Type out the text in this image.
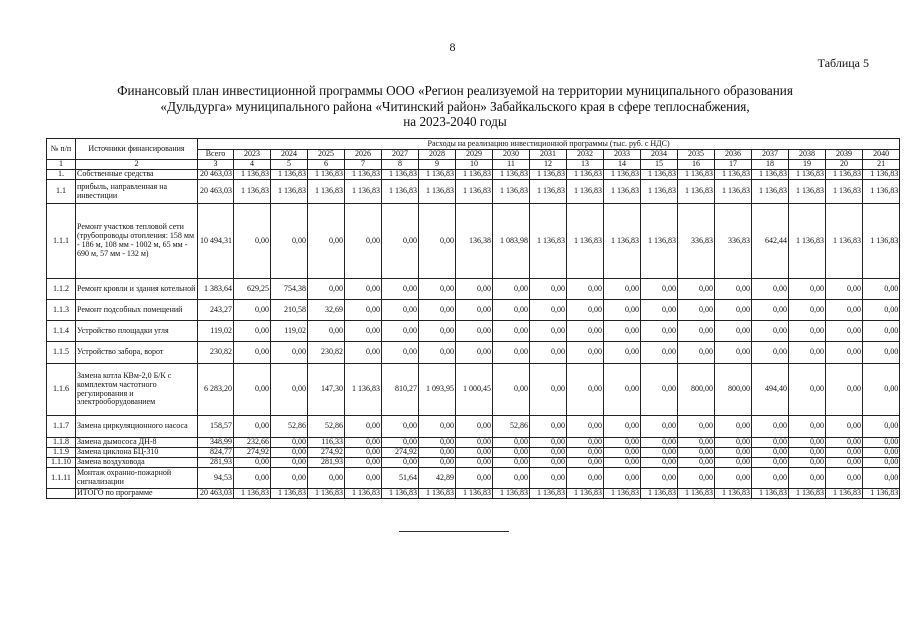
8
Таблица 5
Финансовый план инвестиционной программы ООО «Регион реализуемой на территории муниципального образования
«Дульдурга» муниципального района «Читинский район» Забайкальского края в сфере теплоснабжения,
на 2023-2040 годы
№ п/п	Источники финансирования	Расходы на реализацию инвестиционной программы (тыс. руб. с НДС)																		
		Всего	2023	2024	2025	2026	2027	2028	2029	2030	2031	2032	2033	2034	2035	2036	2037	2038	2039	2040
1	2	3	4	5	6	7	8	9	10	11	12	13	14	15	16	17	18	19	20	21
1.	Собственные средства	20 463,03	1 136,83	1 136,83	1 136,83	1 136,83	1 136,83	1 136,83	1 136,83	1 136,83	1 136,83	1 136,83	1 136,83	1 136,83	1 136,83	1 136,83	1 136,83	1 136,83	1 136,83	1 136,83
1.1	прибыль, направленная на инвестиции	20 463,03	1 136,83	1 136,83	1 136,83	1 136,83	1 136,83	1 136,83	1 136,83	1 136,83	1 136,83	1 136,83	1 136,83	1 136,83	1 136,83	1 136,83	1 136,83	1 136,83	1 136,83	1 136,83
1.1.1	Ремонт участков тепловой сети (трубопроводы отопления: 158 мм - 186 м, 108 мм - 1002 м, 65 мм - 690 м, 57 мм - 132 м)	10 494,31	0,00	0,00	0,00	0,00	0,00	0,00	136,38	1 083,98	1 136,83	1 136,83	1 136,83	1 136,83	336,83	336,83	642,44	1 136,83	1 136,83	1 136,83
1.1.2	Ремонт кровли и здания котельной	1 383,64	629,25	754,38	0,00	0,00	0,00	0,00	0,00	0,00	0,00	0,00	0,00	0,00	0,00	0,00	0,00	0,00	0,00	0,00
1.1.3	Ремонт подсобных помещений	243,27	0,00	210,58	32,69	0,00	0,00	0,00	0,00	0,00	0,00	0,00	0,00	0,00	0,00	0,00	0,00	0,00	0,00	0,00
1.1.4	Устройство площадки угля	119,02	0,00	119,02	0,00	0,00	0,00	0,00	0,00	0,00	0,00	0,00	0,00	0,00	0,00	0,00	0,00	0,00	0,00	0,00
1.1.5	Устройство забора, ворот	230,82	0,00	0,00	230,82	0,00	0,00	0,00	0,00	0,00	0,00	0,00	0,00	0,00	0,00	0,00	0,00	0,00	0,00	0,00
1.1.6	Замена котла КВм-2,0 Б/К с комплектом частотного регулирования и электрооборудованием	6 283,20	0,00	0,00	147,30	1 136,83	810,27	1 093,95	1 000,45	0,00	0,00	0,00	0,00	0,00	800,00	800,00	494,40	0,00	0,00	0,00
1.1.7	Замена циркуляционного насоса	158,57	0,00	52,86	52,86	0,00	0,00	0,00	0,00	52,86	0,00	0,00	0,00	0,00	0,00	0,00	0,00	0,00	0,00	0,00
1.1.8	Замена дымососа ДН-8	348,99	232,66	0,00	116,33	0,00	0,00	0,00	0,00	0,00	0,00	0,00	0,00	0,00	0,00	0,00	0,00	0,00	0,00	0,00
1.1.9	Замена циклона БЦ-310	824,77	274,92	0,00	274,92	0,00	274,92	0,00	0,00	0,00	0,00	0,00	0,00	0,00	0,00	0,00	0,00	0,00	0,00	0,00
1.1.10	Замена воздуховода	281,93	0,00	0,00	281,93	0,00	0,00	0,00	0,00	0,00	0,00	0,00	0,00	0,00	0,00	0,00	0,00	0,00	0,00	0,00
1.1.11	Монтаж охранно-пожарной сигнализации	94,53	0,00	0,00	0,00	0,00	51,64	42,89	0,00	0,00	0,00	0,00	0,00	0,00	0,00	0,00	0,00	0,00	0,00	0,00
	ИТОГО по программе	20 463,03	1 136,83	1 136,83	1 136,83	1 136,83	1 136,83	1 136,83	1 136,83	1 136,83	1 136,83	1 136,83	1 136,83	1 136,83	1 136,83	1 136,83	1 136,83	1 136,83	1 136,83	1 136,83
